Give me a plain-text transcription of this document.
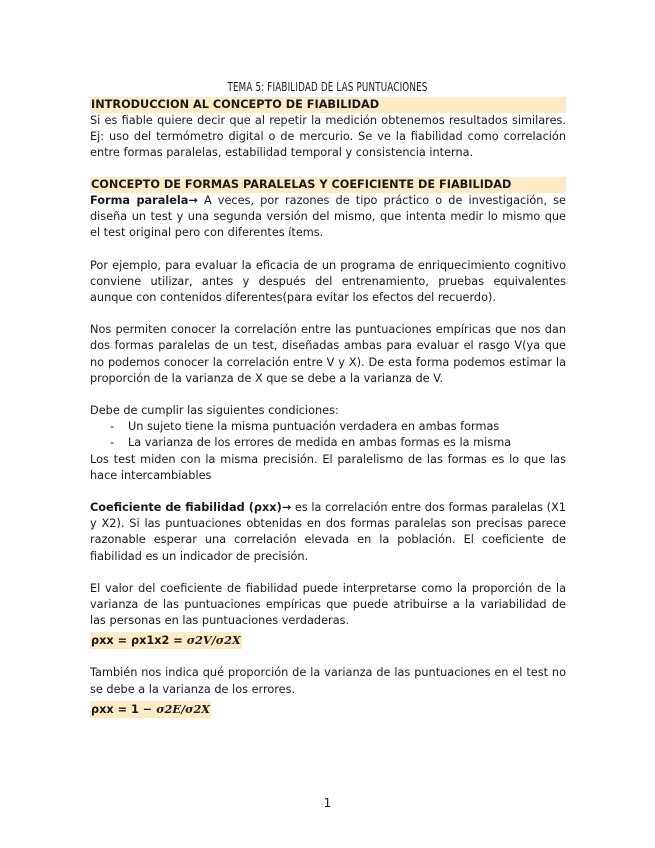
TEMA 5: FIABILIDAD DE LAS PUNTUACIONES

INTRODUCCION AL CONCEPTO DE FIABILIDAD

Si es fiable quiere decir que al repetir la medición obtenemos resultados similares. Ej: uso del termómetro digital o de mercurio. Se ve la fiabilidad como correlación entre formas paralelas, estabilidad temporal y consistencia interna.

CONCEPTO DE FORMAS PARALELAS Y COEFICIENTE DE FIABILIDAD

Forma paralela→ A veces, por razones de tipo práctico o de investigación, se diseña un test y una segunda versión del mismo, que intenta medir lo mismo que el test original pero con diferentes ítems.

Por ejemplo, para evaluar la eficacia de un programa de enriquecimiento cognitivo conviene utilizar, antes y después del entrenamiento, pruebas equivalentes aunque con contenidos diferentes(para evitar los efectos del recuerdo).

Nos permiten conocer la correlación entre las puntuaciones empíricas que nos dan dos formas paralelas de un test, diseñadas ambas para evaluar el rasgo V(ya que no podemos conocer la correlación entre V y X). De esta forma podemos estimar la proporción de la varianza de X que se debe a la varianza de V.

Debe de cumplir las siguientes condiciones:

- Un sujeto tiene la misma puntuación verdadera en ambas formas
- La varianza de los errores de medida en ambas formas es la misma

Los test miden con la misma precisión. El paralelismo de las formas es lo que las hace intercambiables

Coeficiente de fiabilidad (ρxx)→ es la correlación entre dos formas paralelas (X1 y X2). Si las puntuaciones obtenidas en dos formas paralelas son precisas parece razonable esperar una correlación elevada en la población. El coeficiente de fiabilidad es un indicador de precisión.

El valor del coeficiente de fiabilidad puede interpretarse como la proporción de la varianza de las puntuaciones empíricas que puede atribuirse a la variabilidad de las personas en las puntuaciones verdaderas.

ρxx = ρx1x2 = σ2V/σ2X

También nos indica qué proporción de la varianza de las puntuaciones en el test no se debe a la varianza de los errores.

ρxx = 1 − σ2E/σ2X
1
